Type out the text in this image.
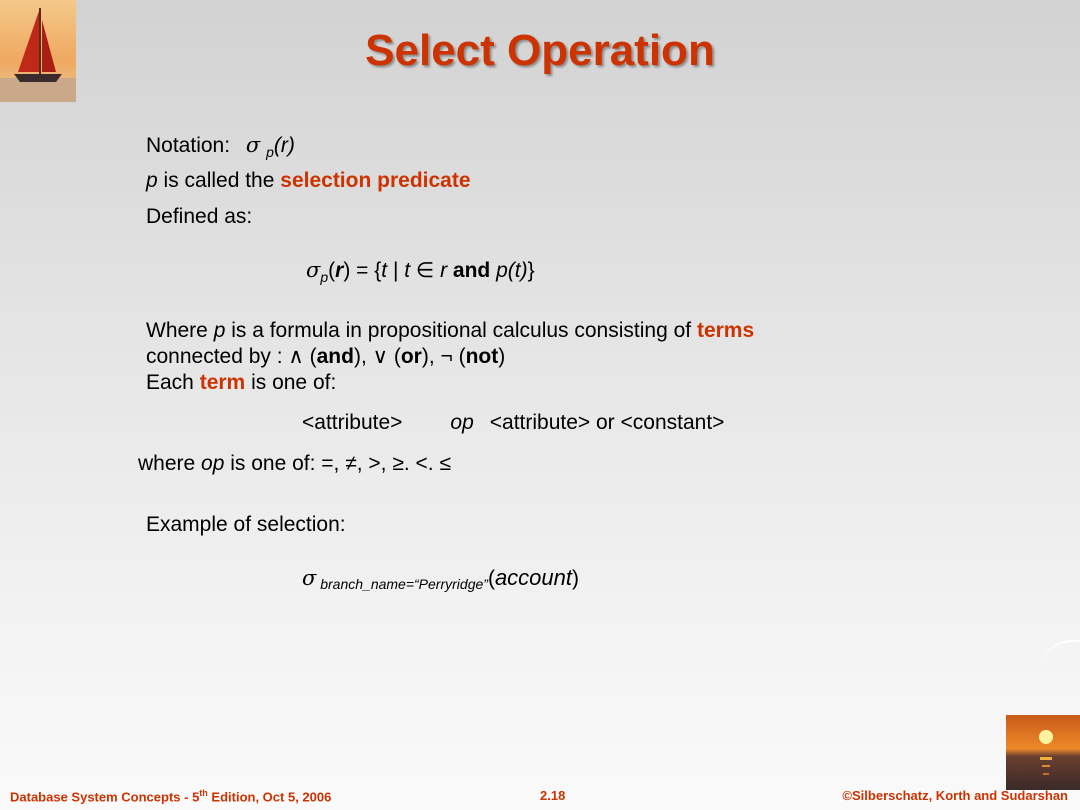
Select Operation
Notation: σ $_p$(r)
p is called the selection predicate
Defined as:
$\sigma_p(r) = \{t$ | t ∈ r and p(t)}
Where p is a formula in propositional calculus consisting of terms
connected by : ∧ (and), ∨ (or), ¬ (not)
Each term is one of:
<attribute> op <attribute> or <constant>
where op is one of: =, ≠, >, ≥. <. ≤
Example of selection:
σ branch_name=“Perryridge”(account)
Database System Concepts - 5th Edition, Oct 5, 2006	2.18	©Silberschatz, Korth and Sudarshan
